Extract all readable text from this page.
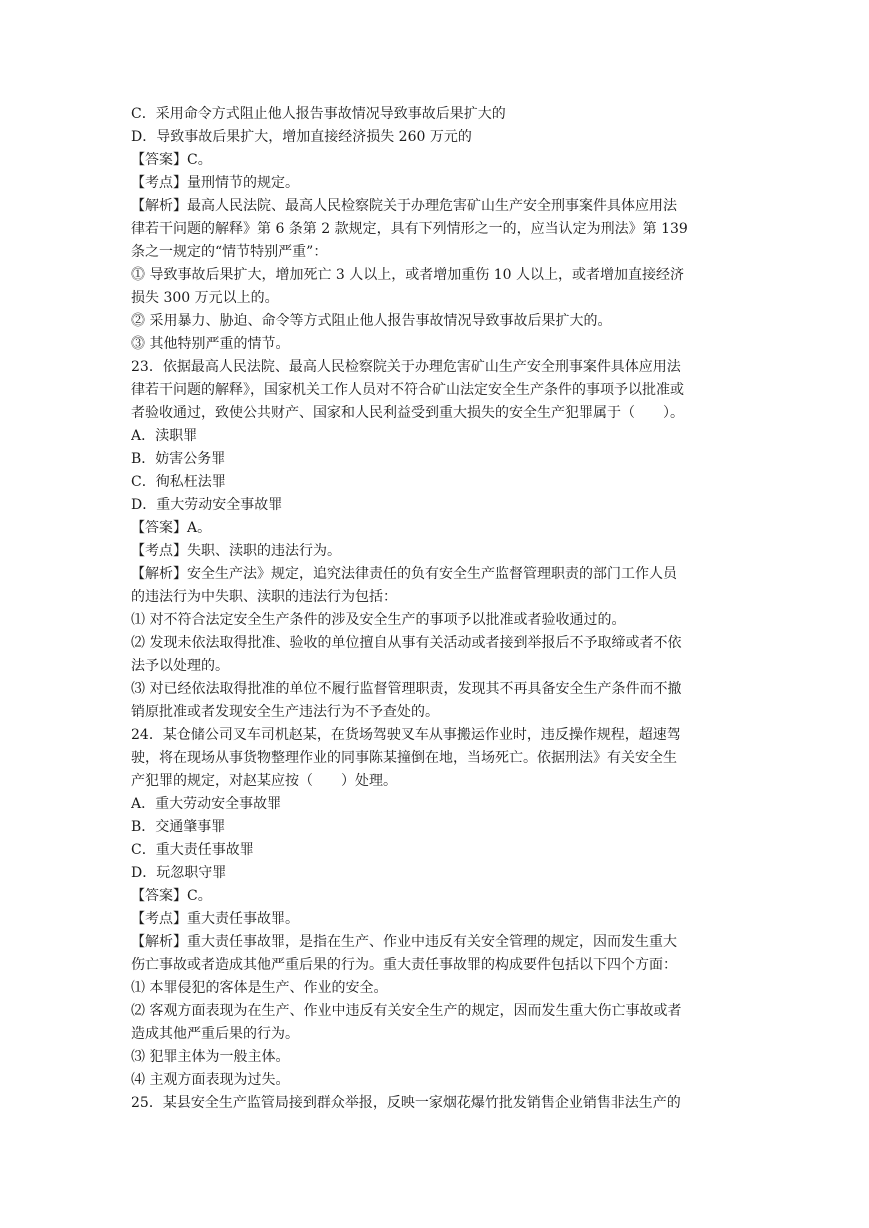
C．采用命令方式阻止他人报告事故情况导致事故后果扩大的
D．导致事故后果扩大，增加直接经济损失 260 万元的
【答案】C。
【考点】量刑情节的规定。
【解析】最高人民法院、最高人民检察院关于办理危害矿山生产安全刑事案件具体应用法
律若干问题的解释》第 6 条第 2 款规定，具有下列情形之一的，应当认定为刑法》第 139
条之一规定的“情节特别严重”：
⓵ 导致事故后果扩大，增加死亡 3 人以上，或者增加重伤 10 人以上，或者增加直接经济
损失 300 万元以上的。
⓶ 采用暴力、胁迫、命令等方式阻止他人报告事故情况导致事故后果扩大的。
⓷ 其他特别严重的情节。
23．依据最高人民法院、最高人民检察院关于办理危害矿山生产安全刑事案件具体应用法
律若干问题的解释》，国家机关工作人员对不符合矿山法定安全生产条件的事项予以批准或
者验收通过，致使公共财产、国家和人民利益受到重大损失的安全生产犯罪属于（　　）。
A．渎职罪
B．妨害公务罪
C．徇私枉法罪
D．重大劳动安全事故罪
【答案】A。
【考点】失职、渎职的违法行为。
【解析】安全生产法》规定，追究法律责任的负有安全生产监督管理职责的部门工作人员
的违法行为中失职、渎职的违法行为包括：
⑴ 对不符合法定安全生产条件的涉及安全生产的事项予以批准或者验收通过的。
⑵ 发现未依法取得批准、验收的单位擅自从事有关活动或者接到举报后不予取缔或者不依
法予以处理的。
⑶ 对已经依法取得批准的单位不履行监督管理职责，发现其不再具备安全生产条件而不撤
销原批准或者发现安全生产违法行为不予查处的。
24．某仓储公司叉车司机赵某，在货场驾驶叉车从事搬运作业时，违反操作规程，超速驾
驶，将在现场从事货物整理作业的同事陈某撞倒在地，当场死亡。依据刑法》有关安全生
产犯罪的规定，对赵某应按（　　）处理。
A．重大劳动安全事故罪
B．交通肇事罪
C．重大责任事故罪
D．玩忽职守罪
【答案】C。
【考点】重大责任事故罪。
【解析】重大责任事故罪，是指在生产、作业中违反有关安全管理的规定，因而发生重大
伤亡事故或者造成其他严重后果的行为。重大责任事故罪的构成要件包括以下四个方面：
⑴ 本罪侵犯的客体是生产、作业的安全。
⑵ 客观方面表现为在生产、作业中违反有关安全生产的规定，因而发生重大伤亡事故或者
造成其他严重后果的行为。
⑶ 犯罪主体为一般主体。
⑷ 主观方面表现为过失。
25．某县安全生产监管局接到群众举报，反映一家烟花爆竹批发销售企业销售非法生产的
